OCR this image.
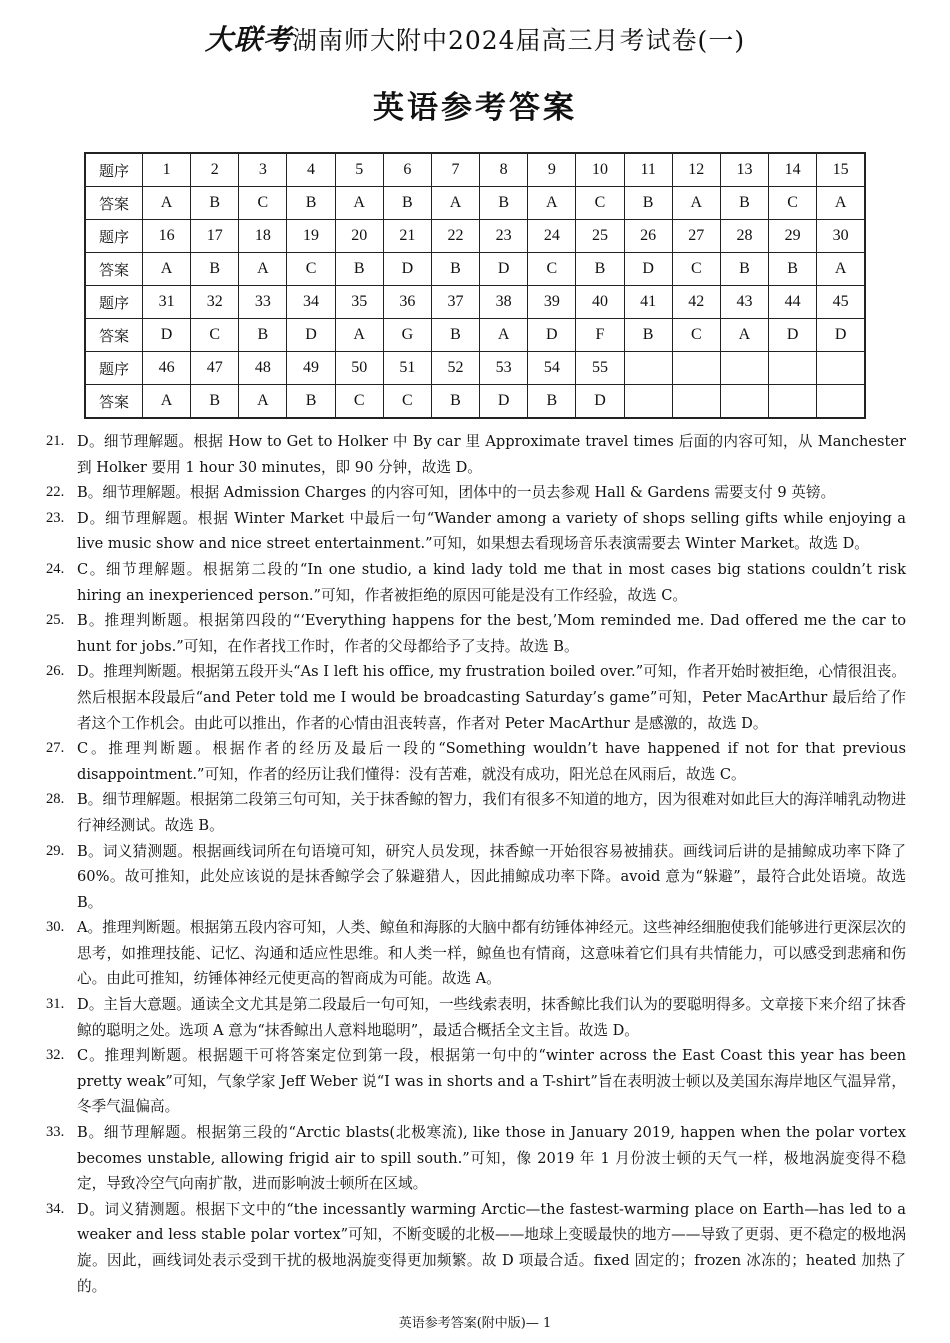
大联考湖南师大附中2024届高三月考试卷(一)
英语参考答案
题序	1	2	3	4	5	6	7	8	9	10	11	12	13	14	15
答案	A	B	C	B	A	B	A	B	A	C	B	A	B	C	A
题序	16	17	18	19	20	21	22	23	24	25	26	27	28	29	30
答案	A	B	A	C	B	D	B	D	C	B	D	C	B	B	A
题序	31	32	33	34	35	36	37	38	39	40	41	42	43	44	45
答案	D	C	B	D	A	G	B	A	D	F	B	C	A	D	D
题序	46	47	48	49	50	51	52	53	54	55					
答案	A	B	A	B	C	C	B	D	B	D					
21. D。细节理解题。根据 How to Get to Holker 中 By car 里 Approximate travel times 后面的内容可知，从 Manchester 到 Holker 要用 1 hour 30 minutes，即 90 分钟，故选 D。
22. B。细节理解题。根据 Admission Charges 的内容可知，团体中的一员去参观 Hall & Gardens 需要支付 9 英镑。
23. D。细节理解题。根据 Winter Market 中最后一句“Wander among a variety of shops selling gifts while enjoying a live music show and nice street entertainment.”可知，如果想去看现场音乐表演需要去 Winter Market。故选 D。
24. C。细节理解题。根据第二段的“In one studio, a kind lady told me that in most cases big stations couldn’t risk hiring an inexperienced person.”可知，作者被拒绝的原因可能是没有工作经验，故选 C。
25. B。推理判断题。根据第四段的“‘Everything happens for the best,’Mom reminded me. Dad offered me the car to hunt for jobs.”可知，在作者找工作时，作者的父母都给予了支持。故选 B。
26. D。推理判断题。根据第五段开头“As I left his office, my frustration boiled over.”可知，作者开始时被拒绝，心情很沮丧。然后根据本段最后“and Peter told me I would be broadcasting Saturday’s game”可知，Peter MacArthur 最后给了作者这个工作机会。由此可以推出，作者的心情由沮丧转喜，作者对 Peter MacArthur 是感激的，故选 D。
27. C。推理判断题。根据作者的经历及最后一段的“Something wouldn’t have happened if not for that previous disappointment.”可知，作者的经历让我们懂得：没有苦难，就没有成功，阳光总在风雨后，故选 C。
28. B。细节理解题。根据第二段第三句可知，关于抹香鲸的智力，我们有很多不知道的地方，因为很难对如此巨大的海洋哺乳动物进行神经测试。故选 B。
29. B。词义猜测题。根据画线词所在句语境可知，研究人员发现，抹香鲸一开始很容易被捕获。画线词后讲的是捕鲸成功率下降了 60%。故可推知，此处应该说的是抹香鲸学会了躲避猎人，因此捕鲸成功率下降。avoid 意为“躲避”，最符合此处语境。故选 B。
30. A。推理判断题。根据第五段内容可知，人类、鲸鱼和海豚的大脑中都有纺锤体神经元。这些神经细胞使我们能够进行更深层次的思考，如推理技能、记忆、沟通和适应性思维。和人类一样，鲸鱼也有情商，这意味着它们具有共情能力，可以感受到悲痛和伤心。由此可推知，纺锤体神经元使更高的智商成为可能。故选 A。
31. D。主旨大意题。通读全文尤其是第二段最后一句可知，一些线索表明，抹香鲸比我们认为的要聪明得多。文章接下来介绍了抹香鲸的聪明之处。选项 A 意为“抹香鲸出人意料地聪明”，最适合概括全文主旨。故选 D。
32. C。推理判断题。根据题干可将答案定位到第一段，根据第一句中的“winter across the East Coast this year has been pretty weak”可知，气象学家 Jeff Weber 说“I was in shorts and a T-shirt”旨在表明波士顿以及美国东海岸地区气温异常，冬季气温偏高。
33. B。细节理解题。根据第三段的“Arctic blasts(北极寒流), like those in January 2019, happen when the polar vortex becomes unstable, allowing frigid air to spill south.”可知，像 2019 年 1 月份波士顿的天气一样，极地涡旋变得不稳定，导致冷空气向南扩散，进而影响波士顿所在区域。
34. D。词义猜测题。根据下文中的“the incessantly warming Arctic—the fastest-warming place on Earth—has led to a weaker and less stable polar vortex”可知，不断变暖的北极——地球上变暖最快的地方——导致了更弱、更不稳定的极地涡旋。因此，画线词处表示受到干扰的极地涡旋变得更加频繁。故 D 项最合适。fixed 固定的；frozen 冰冻的；heated 加热了的。
英语参考答案(附中版)— 1
